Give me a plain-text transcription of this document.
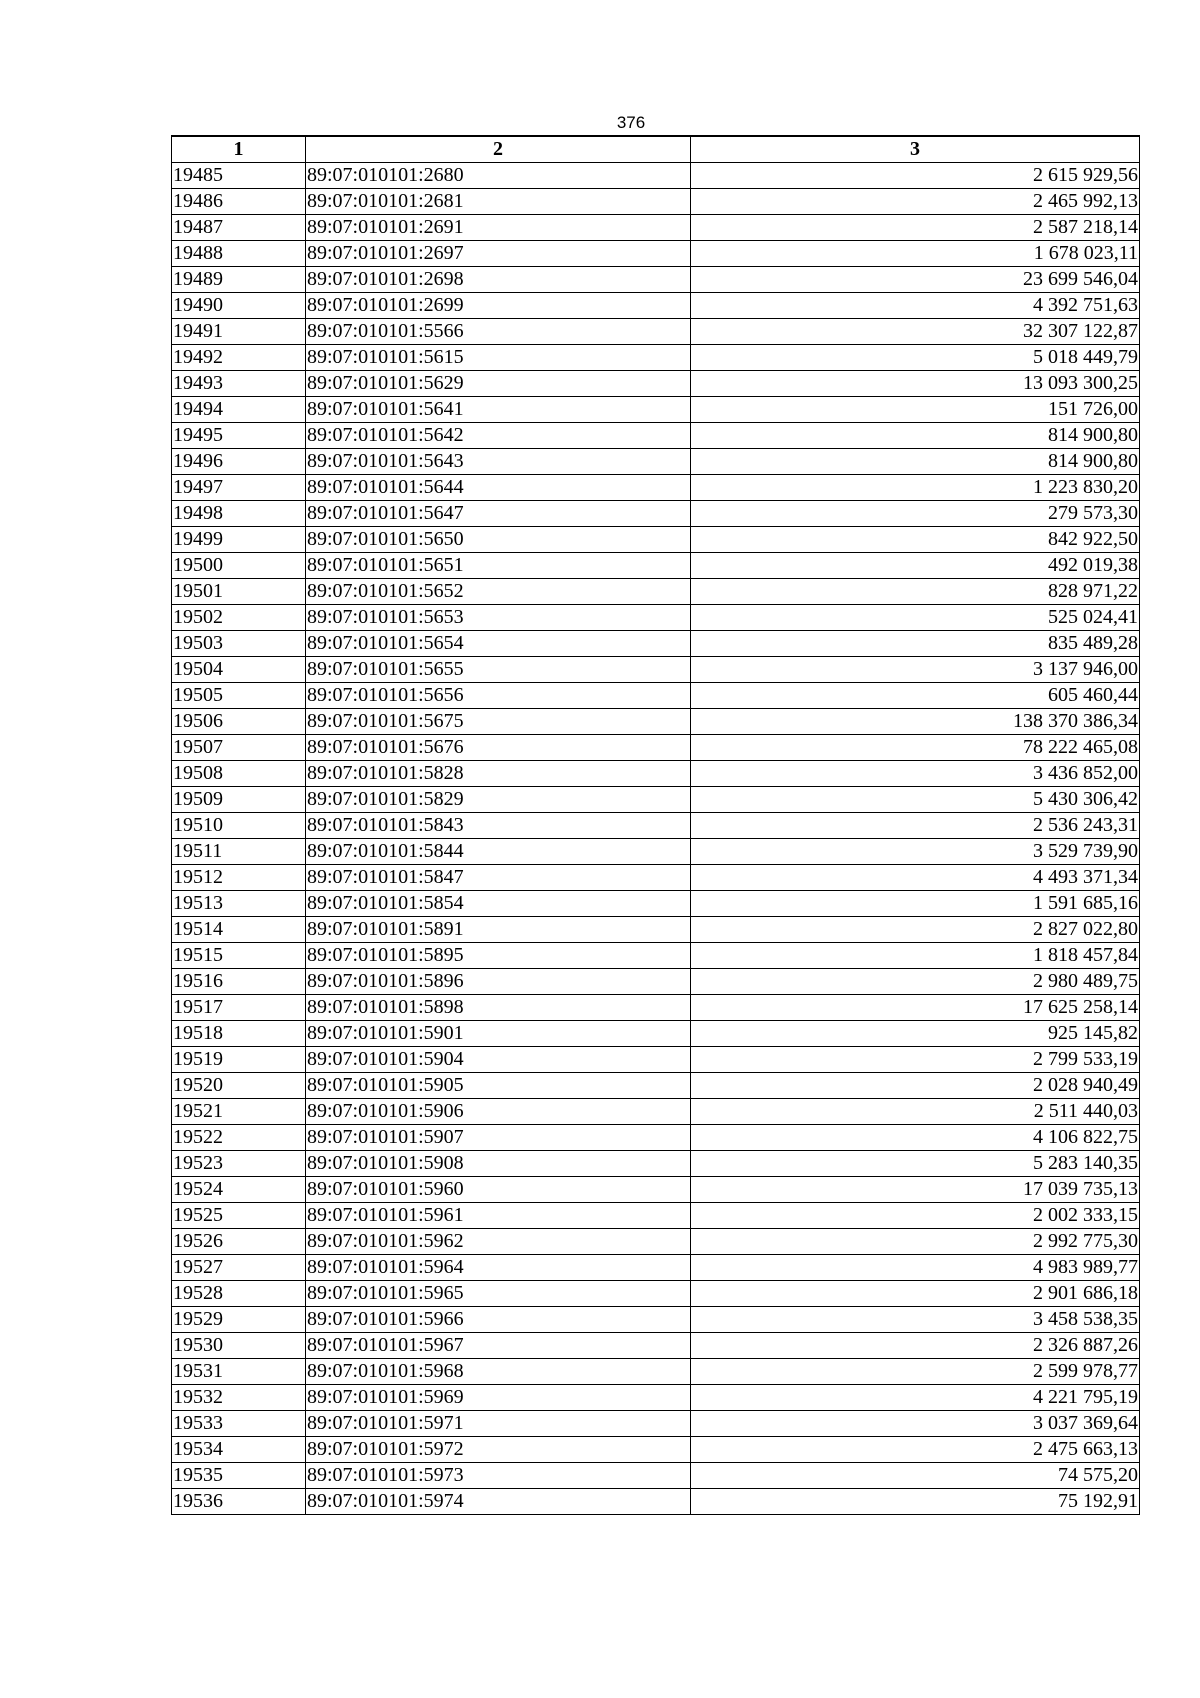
376
1	2	3
19485	89:07:010101:2680	2 615 929,56
19486	89:07:010101:2681	2 465 992,13
19487	89:07:010101:2691	2 587 218,14
19488	89:07:010101:2697	1 678 023,11
19489	89:07:010101:2698	23 699 546,04
19490	89:07:010101:2699	4 392 751,63
19491	89:07:010101:5566	32 307 122,87
19492	89:07:010101:5615	5 018 449,79
19493	89:07:010101:5629	13 093 300,25
19494	89:07:010101:5641	151 726,00
19495	89:07:010101:5642	814 900,80
19496	89:07:010101:5643	814 900,80
19497	89:07:010101:5644	1 223 830,20
19498	89:07:010101:5647	279 573,30
19499	89:07:010101:5650	842 922,50
19500	89:07:010101:5651	492 019,38
19501	89:07:010101:5652	828 971,22
19502	89:07:010101:5653	525 024,41
19503	89:07:010101:5654	835 489,28
19504	89:07:010101:5655	3 137 946,00
19505	89:07:010101:5656	605 460,44
19506	89:07:010101:5675	138 370 386,34
19507	89:07:010101:5676	78 222 465,08
19508	89:07:010101:5828	3 436 852,00
19509	89:07:010101:5829	5 430 306,42
19510	89:07:010101:5843	2 536 243,31
19511	89:07:010101:5844	3 529 739,90
19512	89:07:010101:5847	4 493 371,34
19513	89:07:010101:5854	1 591 685,16
19514	89:07:010101:5891	2 827 022,80
19515	89:07:010101:5895	1 818 457,84
19516	89:07:010101:5896	2 980 489,75
19517	89:07:010101:5898	17 625 258,14
19518	89:07:010101:5901	925 145,82
19519	89:07:010101:5904	2 799 533,19
19520	89:07:010101:5905	2 028 940,49
19521	89:07:010101:5906	2 511 440,03
19522	89:07:010101:5907	4 106 822,75
19523	89:07:010101:5908	5 283 140,35
19524	89:07:010101:5960	17 039 735,13
19525	89:07:010101:5961	2 002 333,15
19526	89:07:010101:5962	2 992 775,30
19527	89:07:010101:5964	4 983 989,77
19528	89:07:010101:5965	2 901 686,18
19529	89:07:010101:5966	3 458 538,35
19530	89:07:010101:5967	2 326 887,26
19531	89:07:010101:5968	2 599 978,77
19532	89:07:010101:5969	4 221 795,19
19533	89:07:010101:5971	3 037 369,64
19534	89:07:010101:5972	2 475 663,13
19535	89:07:010101:5973	74 575,20
19536	89:07:010101:5974	75 192,91
